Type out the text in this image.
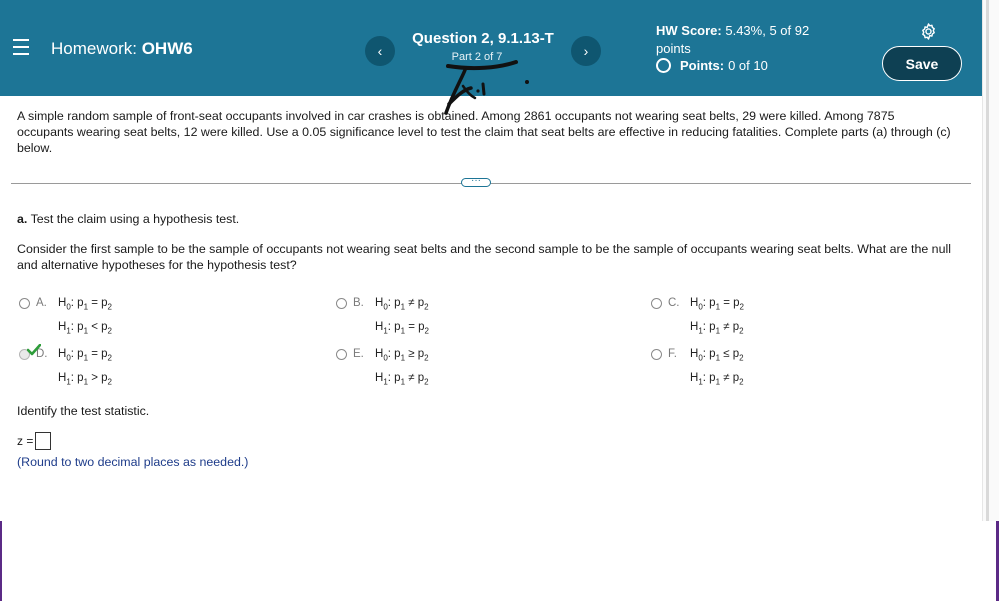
Homework: OHW6	‹
Question 2, 9.1.13-T
Part 2 of 7	›
HW Score: 5.43%, 5 of 92
points
Points: 0 of 10	Save
A simple random sample of front-seat occupants involved in car crashes is obtained. Among 2861 occupants not wearing seat belts, 29 were killed. Among 7875 occupants wearing seat belts, 12 were killed. Use a 0.05 significance level to test the claim that seat belts are effective in reducing fatalities. Complete parts (a) through (c) below.
···
a. Test the claim using a hypothesis test.
Consider the first sample to be the sample of occupants not wearing seat belts and the second sample to be the sample of occupants wearing seat belts. What are the null and alternative hypotheses for the hypothesis test?
A. $H_0$: $p_1 = p_2$
$H_1$: $p_1 < p_2$
B. $H_0$: $p_1 \ne p_2$
$H_1$: $p_1 = p_2$
C. $H_0$: $p_1 = p_2$
$H_1$: $p_1 \ne p_2$
D. $H_0$: $p_1 = p_2$
$H_1$: $p_1 > p_2$
E. $H_0$: $p_1 \ge p_2$
$H_1$: $p_1 \ne p_2$
F.	$H_0$: $p_1 \le p_2$
$H_1$: $p_1 \ne p_2$
Identify the test statistic.
z =
(Round to two decimal places as needed.)
